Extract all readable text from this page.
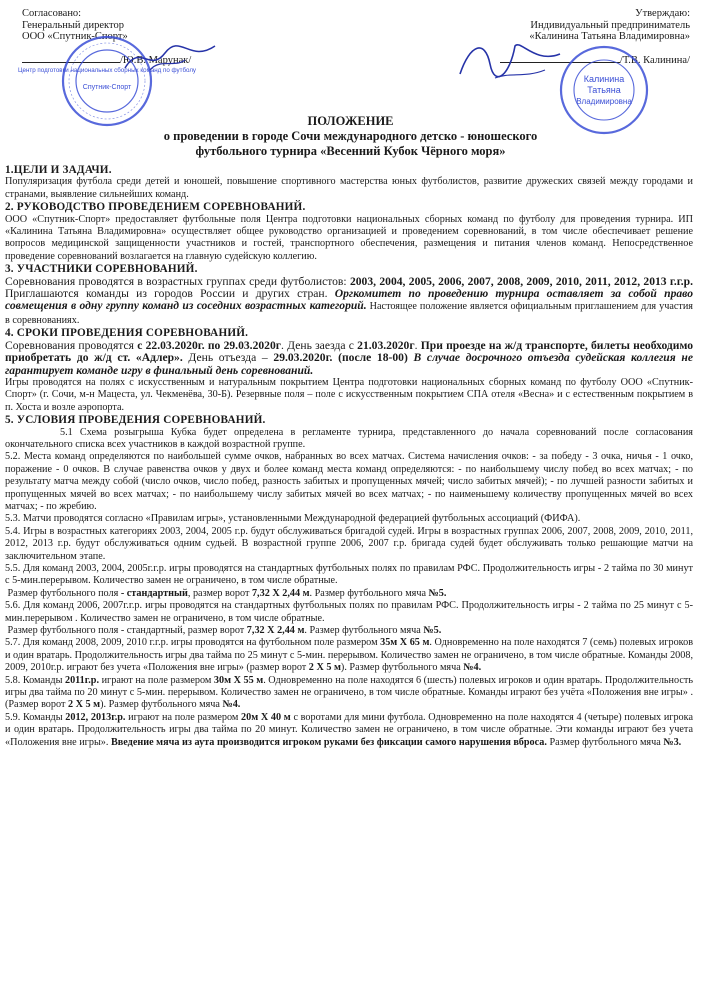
Согласовано:

Генеральный директор

ООО «Спутник-Спорт»

/Ю.В. Марунак/

Утверждаю:

Индивидуальный предприниматель

«Калинина Татьяна Владимировна»

/Т.В. Калинина/

Центр подготовки национальных сборных команд по футболу
Спутник-Спорт
Калинина
Татьяна
Владимировна

ПОЛОЖЕНИЕ

о проведении в городе Сочи международного детско - юношеского

футбольного турнира «Весенний Кубок Чёрного моря»

1.ЦЕЛИ И ЗАДАЧИ.

Популяризация футбола среди детей и юношей, повышение спортивного мастерства юных футболистов, развитие дружеских связей между городами и странами, выявление сильнейших команд.

2. РУКОВОДСТВО ПРОВЕДЕНИЕМ СОРЕВНОВАНИЙ.

ООО «Спутник-Спорт» предоставляет футбольные поля Центра подготовки национальных сборных команд по футболу для проведения турнира. ИП «Калинина Татьяна Владимировна» осуществляет общее руководство организацией и проведением соревнований, в том числе обеспечивает решение вопросов медицинской защищенности участников и гостей, транспортного обеспечения, размещения и питания членов команд. Непосредственное проведение соревнований возлагается на главную судейскую коллегию.

3. УЧАСТНИКИ СОРЕВНОВАНИЙ.

Соревнования проводятся в возрастных группах среди футболистов: 2003, 2004, 2005, 2006, 2007, 2008, 2009, 2010, 2011, 2012, 2013 г.г.р. Приглашаются команды из городов России и других стран. Оргкомитет по проведению турнира оставляет за собой право совмещения в одну группу команд из соседних возрастных категорий. Настоящее положение является официальным приглашением для участия в соревнованиях.

4. СРОКИ ПРОВЕДЕНИЯ СОРЕВНОВАНИЙ.

Соревнования проводятся с 22.03.2020г. по 29.03.2020г. День заезда с 21.03.2020г. При проезде на ж/д транспорте, билеты необходимо приобретать до ж/д ст. «Адлер». День отъезда – 29.03.2020г. (после 18-00) В случае досрочного отъезда судейская коллегия не гарантирует команде игру в финальный день соревнований.

Игры проводятся на полях с искусственным и натуральным покрытием Центра подготовки национальных сборных команд по футболу ООО «Спутник-Спорт» (г. Сочи, м-н Мацеста, ул. Чекменёва, 30-Б). Резервные поля – поле с искусственным покрытием СПА отеля «Весна» и с естественным покрытием в п. Хоста и возле аэропорта.

5. УСЛОВИЯ ПРОВЕДЕНИЯ СОРЕВНОВАНИЙ.

5.1 Схема розыгрыша Кубка будет определена в регламенте турнира, представленного до начала соревнований после согласования окончательного списка всех участников в каждой возрастной группе.

5.2. Места команд определяются по наибольшей сумме очков, набранных во всех матчах. Система начисления очков: - за победу - 3 очка, ничья - 1 очко, поражение - 0 очков. В случае равенства очков у двух и более команд места команд определяются: - по наибольшему числу побед во всех матчах; - по результату матча между собой (число очков, число побед, разность забитых и пропущенных мячей; число забитых мячей); - по лучшей разности забитых и пропущенных мячей во всех матчах; - по наибольшему числу забитых мячей во всех матчах; - по наименьшему количеству пропущенных мячей во всех матчах; - по жребию.

5.3. Матчи проводятся согласно «Правилам игры», установленными Международной федерацией футбольных ассоциаций (ФИФА).

5.4. Игры в возрастных категориях 2003, 2004, 2005 г.р. будут обслуживаться бригадой судей. Игры в возрастных группах 2006, 2007, 2008, 2009, 2010, 2011, 2012, 2013 г.р. будут обслуживаться одним судьей. В возрастной группе 2006, 2007 г.р. бригада судей будет обслуживать только решающие матчи на заключительном этапе.

5.5. Для команд 2003, 2004, 2005г.г.р. игры проводятся на стандартных футбольных полях по правилам РФС. Продолжительность игры - 2 тайма по 30 минут с 5-мин.перерывом. Количество замен не ограничено, в том числе обратные.

Размер футбольного поля - стандартный, размер ворот 7,32 Х 2,44 м. Размер футбольного мяча №5.

5.6. Для команд 2006, 2007г.г.р. игры проводятся на стандартных футбольных полях по правилам РФС. Продолжительность игры - 2 тайма по 25 минут с 5-мин.перерывом . Количество замен не ограничено, в том числе обратные.

Размер футбольного поля - стандартный, размер ворот 7,32 Х 2,44 м. Размер футбольного мяча №5.

5.7. Для команд 2008, 2009, 2010 г.г.р. игры проводятся на футбольном поле размером 35м Х 65 м. Одновременно на поле находятся 7 (семь) полевых игроков и один вратарь. Продолжительность игры два тайма по 25 минут с 5-мин. перерывом. Количество замен не ограничено, в том числе обратные. Команды 2008, 2009, 2010г.р. играют без учета «Положения вне игры» (размер ворот 2 Х 5 м). Размер футбольного мяча №4.

5.8. Команды 2011г.р. играют на поле размером 30м Х 55 м. Одновременно на поле находятся 6 (шесть) полевых игроков и один вратарь. Продолжительность игры два тайма по 20 минут с 5-мин. перерывом. Количество замен не ограничено, в том числе обратные. Команды играют без учёта «Положения вне игры» . (Размер ворот 2 Х 5 м). Размер футбольного мяча №4.

5.9. Команды 2012, 2013г.р. играют на поле размером 20м Х 40 м с воротами для мини футбола. Одновременно на поле находятся 4 (четыре) полевых игрока и один вратарь. Продолжительность игры два тайма по 20 минут. Количество замен не ограничено, в том числе обратные. Эти команды играют без учета «Положения вне игры». Введение мяча из аута производится игроком руками без фиксации самого нарушения вброса. Размер футбольного мяча №3.
